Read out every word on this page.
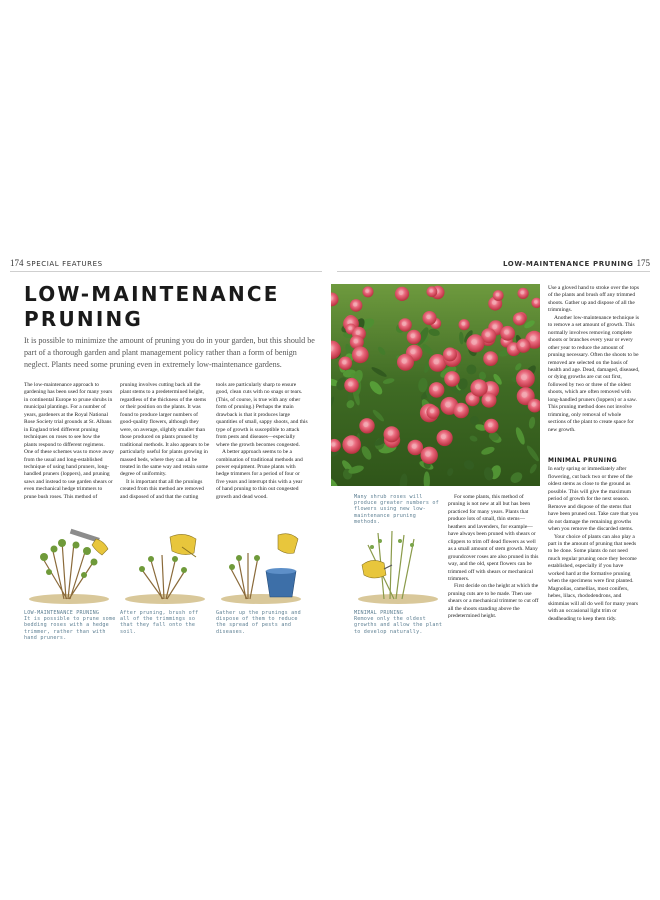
174 SPECIAL FEATURES	LOW-MAINTENANCE PRUNING 175
LOW-MAINTENANCE PRUNING

It is possible to minimize the amount of pruning you do in your garden, but this should be part of a thorough garden and plant management policy rather than a form of benign neglect. Plants need some pruning even in extremely low-maintenance gardens.

The low-maintenance approach to gardening has been used for many years in continental Europe to prune shrubs in municipal plantings. For a number of years, gardeners at the Royal National Rose Society trial grounds at St. Albans in England tried different pruning techniques on roses to see how the plants respond to different regimens. One of these schemes was to move away from the usual and long-established technique of using hand pruners, long-handled pruners (loppers), and pruning saws and instead to use garden shears or even mechanical hedge trimmers to prune bush roses. This method of

pruning involves cutting back all the plant stems to a predetermined height, regardless of the thickness of the stems or their position on the plants. It was found to produce larger numbers of good-quality flowers, although they were, on average, slightly smaller than those produced on plants pruned by traditional methods. It also appears to be particularly useful for plants growing in massed beds, where they can all be treated in the same way and retain some degree of uniformity.

It is important that all the prunings created from this method are removed and disposed of and that the cutting

tools are particularly sharp to ensure good, clean cuts with no snags or tears. (This, of course, is true with any other form of pruning.) Perhaps the main drawback is that it produces large quantities of small, sappy shoots, and this type of growth is susceptible to attack from pests and diseases—especially where the growth becomes congested.

A better approach seems to be a combination of traditional methods and power equipment. Prune plants with hedge trimmers for a period of four or five years and interrupt this with a year of hand pruning to thin out congested growth and dead wood.	Many shrub roses will produce greater numbers of flowers using new low-maintenance pruning methods.

For some plants, this method of pruning is not new at all but has been practiced for many years. Plants that produce lots of small, thin stems—heathers and lavenders, for example—have always been pruned with shears or clippers to trim off dead flowers as well as a small amount of stem growth. Many groundcover roses are also pruned in this way, and the old, spent flowers can be trimmed off with shears or mechanical trimmers.

First decide on the height at which the pruning cuts are to be made. Then use shears or a mechanical trimmer to cut off all the shoots standing above the predetermined height.

Use a gloved hand to stroke over the tops of the plants and brush off any trimmed shoots. Gather up and dispose of all the trimmings.

Another low-maintenance technique is to remove a set amount of growth. This normally involves removing complete shoots or branches every year or every other year to reduce the amount of pruning necessary. Often the shoots to be removed are selected on the basis of health and age. Dead, damaged, diseased, or dying growths are cut out first, followed by two or three of the oldest shoots, which are often removed with long-handled pruners (loppers) or a saw. This pruning method does not involve trimming, only removal of whole sections of the plant to create space for new growth.

MINIMAL PRUNING

In early spring or immediately after flowering, cut back two or three of the oldest stems as close to the ground as possible. This will give the maximum period of growth for the next season. Remove and dispose of the stems that have been pruned out. Take care that you do not damage the remaining growths when you remove the discarded stems.

Your choice of plants can also play a part in the amount of pruning that needs to be done. Some plants do not need much regular pruning once they become established, especially if you have worked hard at the formative pruning when the specimens were first planted. Magnolias, camellias, most conifers, hebes, lilacs, rhododendrons, and skimmias will all do well for many years with an occasional light trim or deadheading to keep them tidy.

LOW-MAINTENANCE PRUNING
It is possible to prune some bedding roses with a hedge trimmer, rather than with hand pruners.

After pruning, brush off all of the trimmings so that they fall onto the soil.

Gather up the prunings and dispose of them to reduce the spread of pests and diseases.

MINIMAL PRUNING
Remove only the oldest growths and allow the plant to develop naturally.
